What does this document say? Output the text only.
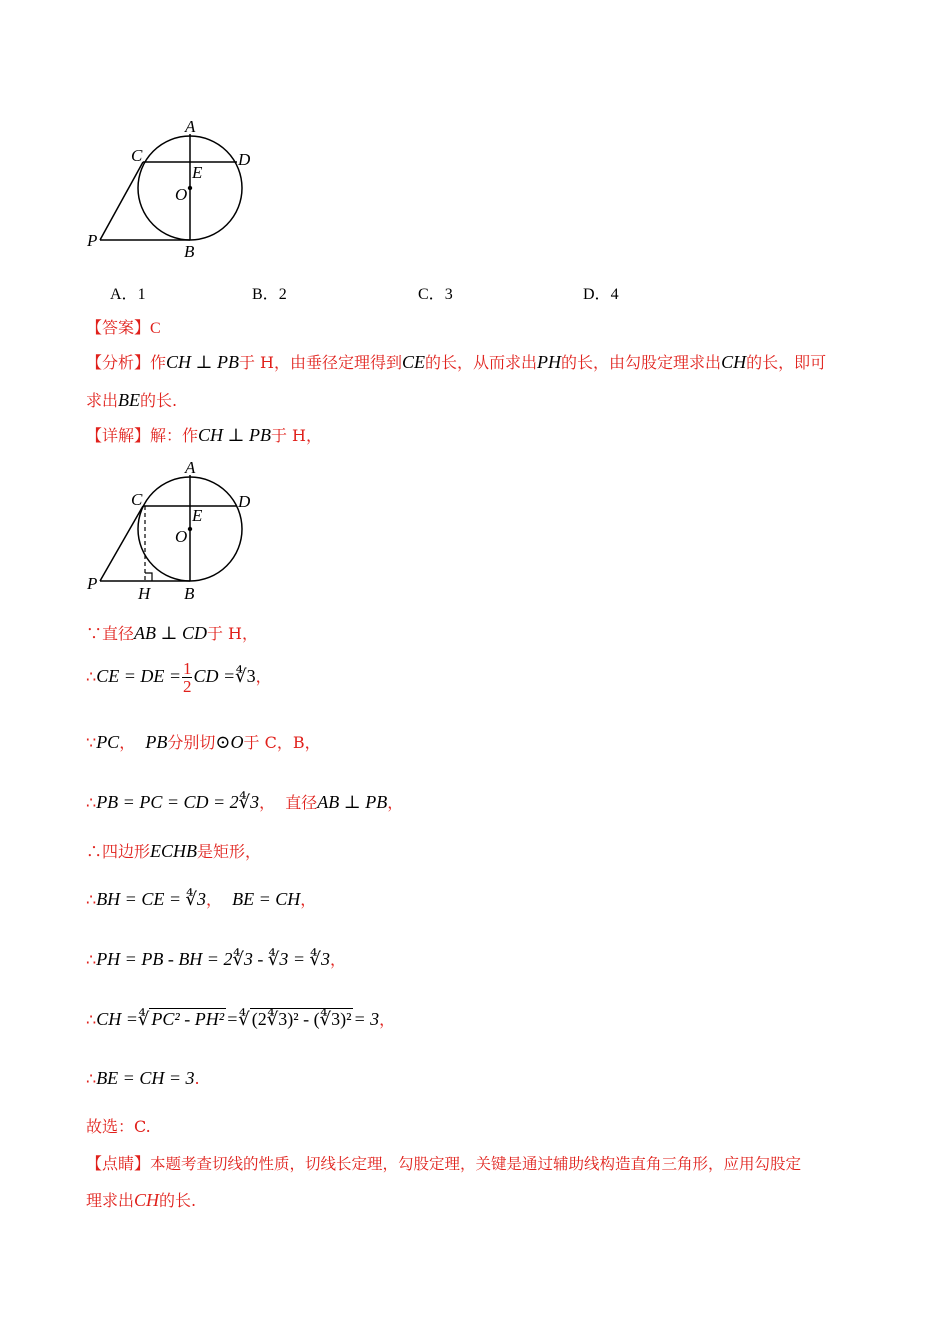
A
C	D
E
O
P
B
A．1	B．2	C．3	D．4
【答案】C
【分析】作CH ⊥ PB于 H，由垂径定理得到CE的长，从而求出PH的长，由勾股定理求出CH的长，即可
求出BE的长.
【详解】解：作CH ⊥ PB于 H，
A
C	D
E
O
P
H B
∵直径AB ⊥ CD于 H，
∴CE = DE = $\frac{1}{2}$ CD =∜3，
∵PC， PB分别切⊙O于 C，B，
∴PB = PC = CD = 2∜3， 直径AB ⊥ PB，
∴四边形ECHB是矩形，
∴BH = CE = ∜3， BE = CH，
∴PH = PB - BH = 2∜3 - ∜3 = ∜3，
∴CH =∜ PC² - PH² =∜ (2∜3)² - (∜3)² = 3，
∴BE = CH = 3.
故选：C.
【点睛】本题考查切线的性质，切线长定理，勾股定理，关键是通过辅助线构造直角三角形，应用勾股定
理求出CH的长.
